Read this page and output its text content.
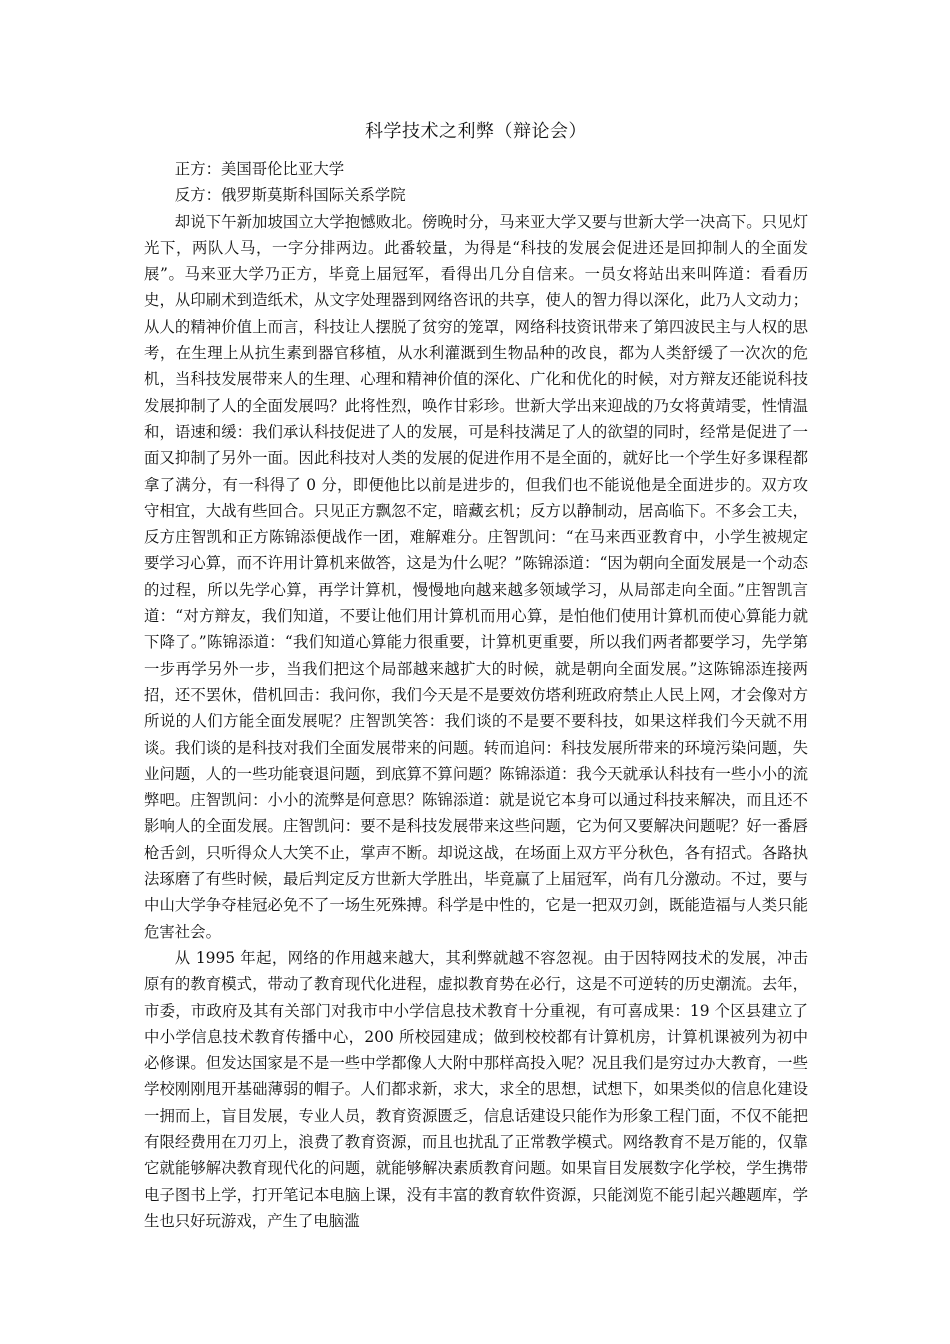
科学技术之利弊（辩论会）

正方：美国哥伦比亚大学

反方：俄罗斯莫斯科国际关系学院

却说下午新加坡国立大学抱憾败北。傍晚时分，马来亚大学又要与世新大学一决高下。只见灯光下，两队人马，一字分排两边。此番较量，为得是“科技的发展会促进还是回抑制人的全面发展”。马来亚大学乃正方，毕竟上届冠军，看得出几分自信来。一员女将站出来叫阵道：看看历史，从印刷术到造纸术，从文字处理器到网络咨讯的共享，使人的智力得以深化，此乃人文动力；从人的精神价值上而言，科技让人摆脱了贫穷的笼罩，网络科技资讯带来了第四波民主与人权的思考，在生理上从抗生素到器官移植，从水利灌溉到生物品种的改良，都为人类舒缓了一次次的危机，当科技发展带来人的生理、心理和精神价值的深化、广化和优化的时候，对方辩友还能说科技发展抑制了人的全面发展吗？此将性烈，唤作甘彩珍。世新大学出来迎战的乃女将黄靖雯，性情温和，语速和缓：我们承认科技促进了人的发展，可是科技满足了人的欲望的同时，经常是促进了一面又抑制了另外一面。因此科技对人类的发展的促进作用不是全面的，就好比一个学生好多课程都拿了满分，有一科得了 0 分，即便他比以前是进步的，但我们也不能说他是全面进步的。双方攻守相宜，大战有些回合。只见正方飘忽不定，暗藏玄机；反方以静制动，居高临下。不多会工夫，反方庄智凯和正方陈锦添便战作一团，难解难分。庄智凯问：“在马来西亚教育中，小学生被规定要学习心算，而不许用计算机来做答，这是为什么呢？”陈锦添道：“因为朝向全面发展是一个动态的过程，所以先学心算，再学计算机，慢慢地向越来越多领域学习，从局部走向全面。”庄智凯言道：“对方辩友，我们知道，不要让他们用计算机而用心算，是怕他们使用计算机而使心算能力就下降了。”陈锦添道：“我们知道心算能力很重要，计算机更重要，所以我们两者都要学习，先学第一步再学另外一步，当我们把这个局部越来越扩大的时候，就是朝向全面发展。”这陈锦添连接两招，还不罢休，借机回击：我问你，我们今天是不是要效仿塔利班政府禁止人民上网，才会像对方所说的人们方能全面发展呢？庄智凯笑答：我们谈的不是要不要科技，如果这样我们今天就不用谈。我们谈的是科技对我们全面发展带来的问题。转而追问：科技发展所带来的环境污染问题，失业问题，人的一些功能衰退问题，到底算不算问题？陈锦添道：我今天就承认科技有一些小小的流弊吧。庄智凯问：小小的流弊是何意思？陈锦添道：就是说它本身可以通过科技来解决，而且还不影响人的全面发展。庄智凯问：要不是科技发展带来这些问题，它为何又要解决问题呢？好一番唇枪舌剑，只听得众人大笑不止，掌声不断。却说这战，在场面上双方平分秋色，各有招式。各路执法琢磨了有些时候，最后判定反方世新大学胜出，毕竟赢了上届冠军，尚有几分激动。不过，要与中山大学争夺桂冠必免不了一场生死殊搏。科学是中性的，它是一把双刃剑，既能造福与人类只能危害社会。

从 1995 年起，网络的作用越来越大，其利弊就越不容忽视。由于因特网技术的发展，冲击原有的教育模式，带动了教育现代化进程，虚拟教育势在必行，这是不可逆转的历史潮流。去年，市委，市政府及其有关部门对我市中小学信息技术教育十分重视，有可喜成果：19 个区县建立了中小学信息技术教育传播中心，200 所校园建成；做到校校都有计算机房，计算机课被列为初中必修课。但发达国家是不是一些中学都像人大附中那样高投入呢？况且我们是穷过办大教育，一些学校刚刚甩开基础薄弱的帽子。人们都求新，求大，求全的思想，试想下，如果类似的信息化建设一拥而上，盲目发展，专业人员，教育资源匮乏，信息话建设只能作为形象工程门面，不仅不能把有限经费用在刀刃上，浪费了教育资源，而且也扰乱了正常教学模式。网络教育不是万能的，仅靠它就能够解决教育现代化的问题，就能够解决素质教育问题。如果盲目发展数字化学校，学生携带电子图书上学，打开笔记本电脑上课，没有丰富的教育软件资源，只能浏览不能引起兴趣题库，学生也只好玩游戏，产生了电脑滥
